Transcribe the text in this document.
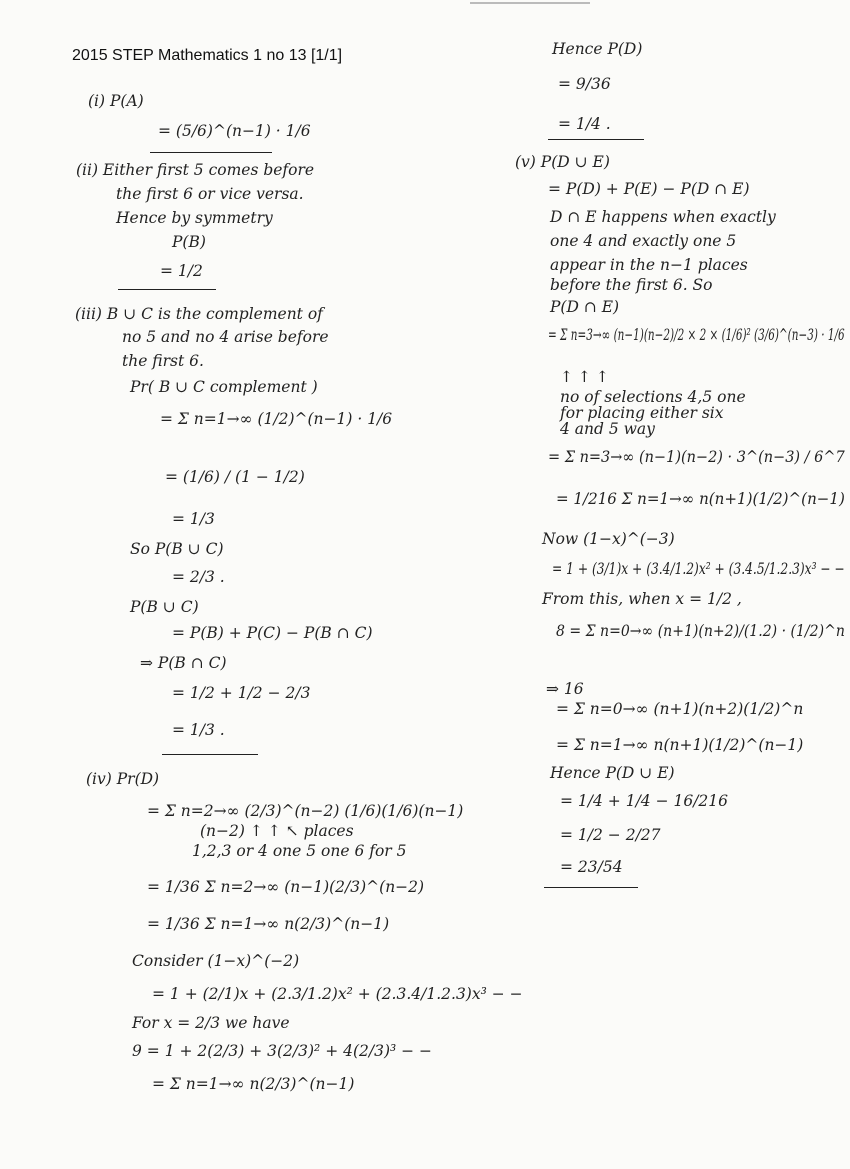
2015 STEP Mathematics 1 no 13 [1/1]
(i) P(A)
= (5/6)^(n−1) · 1/6
(ii) Either first 5 comes before
the first 6 or vice versa.
Hence by symmetry
P(B)
= 1/2
(iii) B ∪ C is the complement of
no 5 and no 4 arise before
the first 6.
Pr( B ∪ C complement )
= Σ n=1→∞ (1/2)^(n−1) · 1/6
= (1/6) / (1 − 1/2)
= 1/3
So P(B ∪ C)
= 2/3 .
P(B ∪ C)
= P(B) + P(C) − P(B ∩ C)
⇒ P(B ∩ C)
= 1/2 + 1/2 − 2/3
= 1/3 .
(iv) Pr(D)
= Σ n=2→∞ (2/3)^(n−2) (1/6)(1/6)(n−1)
(n−2) ↑ ↑ ↖ places
1,2,3 or 4 one 5 one 6 for 5
= 1/36 Σ n=2→∞ (n−1)(2/3)^(n−2)
= 1/36 Σ n=1→∞ n(2/3)^(n−1)
Consider (1−x)^(−2)
= 1 + (2/1)x + (2.3/1.2)x² + (2.3.4/1.2.3)x³ − −
For x = 2/3 we have
9 = 1 + 2(2/3) + 3(2/3)² + 4(2/3)³ − −
= Σ n=1→∞ n(2/3)^(n−1)
Hence P(D)
= 9/36
= 1/4 .
(v) P(D ∪ E)
= P(D) + P(E) − P(D ∩ E)
D ∩ E happens when exactly
one 4 and exactly one 5
appear in the n−1 places
before the first 6. So
P(D ∩ E)
= Σ n=3→∞ (n−1)(n−2)/2 × 2 × (1/6)² (3/6)^(n−3) · 1/6
↑ ↑ ↑
no of selections 4,5 one
for placing either six
4 and 5 way
= Σ n=3→∞ (n−1)(n−2) · 3^(n−3) / 6^7
= 1/216 Σ n=1→∞ n(n+1)(1/2)^(n−1)
Now (1−x)^(−3)
= 1 + (3/1)x + (3.4/1.2)x² + (3.4.5/1.2.3)x³ − −
From this, when x = 1/2 ,
8 = Σ n=0→∞ (n+1)(n+2)/(1.2) · (1/2)^n
⇒ 16
= Σ n=0→∞ (n+1)(n+2)(1/2)^n
= Σ n=1→∞ n(n+1)(1/2)^(n−1)
Hence P(D ∪ E)
= 1/4 + 1/4 − 16/216
= 1/2 − 2/27
= 23/54
